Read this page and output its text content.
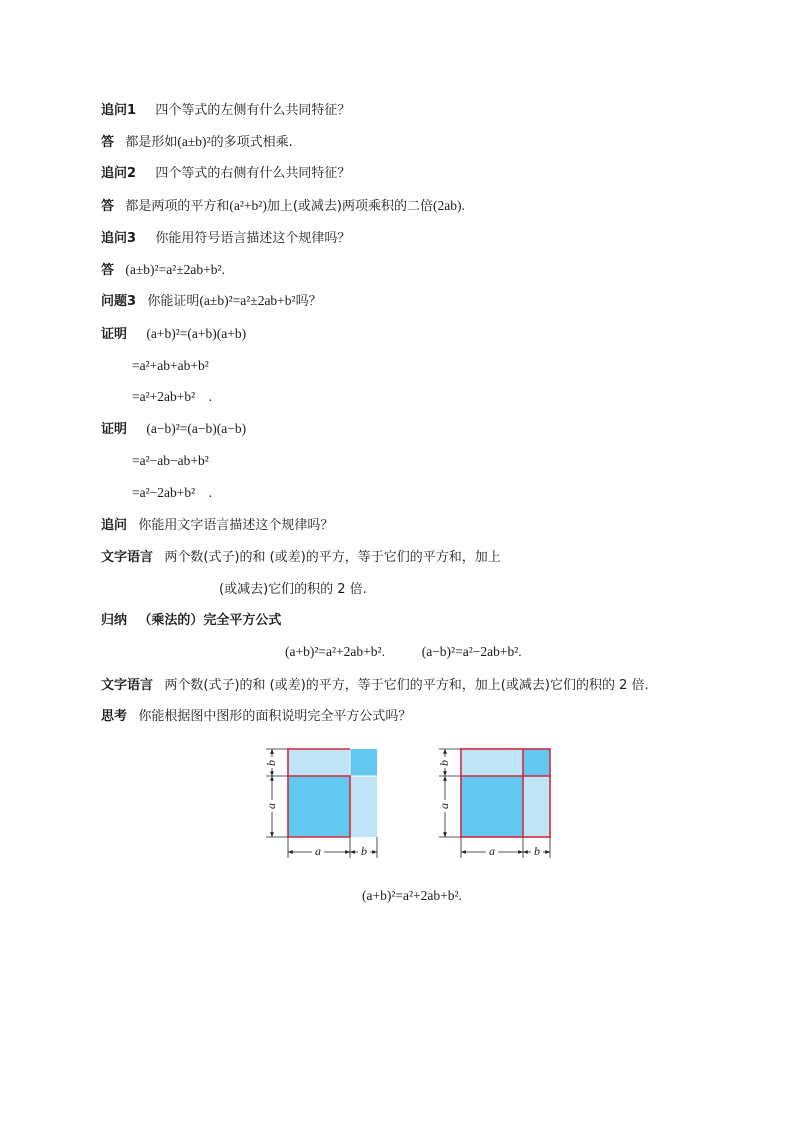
追问1 四个等式的左侧有什么共同特征？
答 都是形如(a±b)²的多项式相乘.
追问2 四个等式的右侧有什么共同特征？
答 都是两项的平方和(a²+b²)加上(或减去)两项乘积的二倍(2ab).
追问3 你能用符号语言描述这个规律吗？
答 (a±b)²=a²±2ab+b².
问题3 你能证明(a±b)²=a²±2ab+b²吗？
证明 (a+b)²=(a+b)(a+b)
=a²+ab+ab+b²
=a²+2ab+b²　.
证明 (a−b)²=(a−b)(a−b)
=a²−ab−ab+b²
=a²−2ab+b²　.
追问 你能用文字语言描述这个规律吗？
文字语言 两个数(式子)的和 (或差)的平方，等于它们的平方和，加上
(或减去)它们的积的 2 倍.
归纳 （乘法的）完全平方公式
(a+b)²=a²+2ab+b².	(a−b)²=a²−2ab+b².
文字语言 两个数(式子)的和 (或差)的平方，等于它们的平方和，加上(或减去)它们的积的 2 倍.
思考 你能根据图中图形的面积说明完全平方公式吗？
b
a
a	b
b
a
a	b
(a+b)²=a²+2ab+b².
